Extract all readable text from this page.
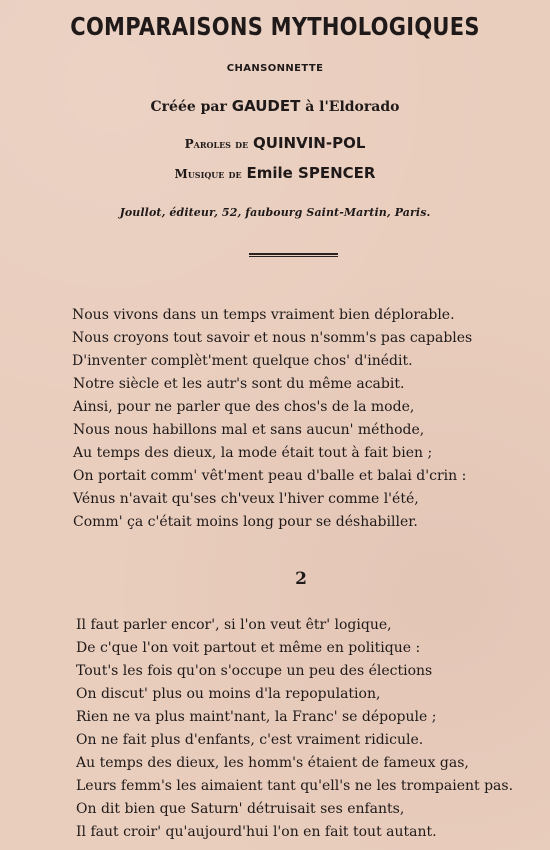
COMPARAISONS MYTHOLOGIQUES
CHANSONNETTE
Créée par GAUDET à l'Eldorado
Paroles de QUINVIN-POL
Musique de Emile SPENCER
Joullot, éditeur, 52, faubourg Saint-Martin, Paris.
Nous vivons dans un temps vraiment bien déplorable.
Nous croyons tout savoir et nous n'somm's pas capables
D'inventer complèt'ment quelque chos' d'inédit.
Notre siècle et les autr's sont du même acabit.
Ainsi, pour ne parler que des chos's de la mode,
Nous nous habillons mal et sans aucun' méthode,
Au temps des dieux, la mode était tout à fait bien ;
On portait comm' vêt'ment peau d'balle et balai d'crin :
Vénus n'avait qu'ses ch'veux l'hiver comme l'été,
Comm' ça c'était moins long pour se déshabiller.
2
Il faut parler encor', si l'on veut êtr' logique,
De c'que l'on voit partout et même en politique :
Tout's les fois qu'on s'occupe un peu des élections
On discut' plus ou moins d'la repopulation,
Rien ne va plus maint'nant, la Franc' se dépopule ;
On ne fait plus d'enfants, c'est vraiment ridicule.
Au temps des dieux, les homm's étaient de fameux gas,
Leurs femm's les aimaient tant qu'ell's ne les trompaient pas.
On dit bien que Saturn' détruisait ses enfants,
Il faut croir' qu'aujourd'hui l'on en fait tout autant.
